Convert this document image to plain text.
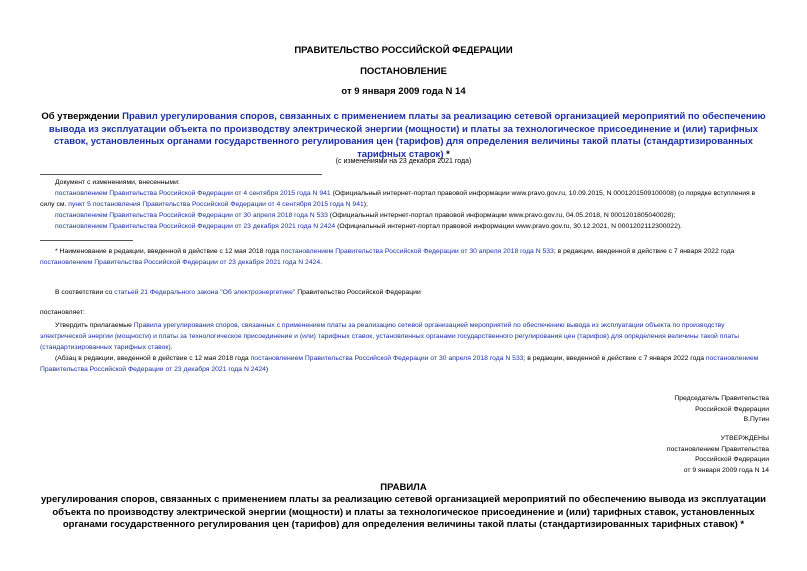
ПРАВИТЕЛЬСТВО РОССИЙСКОЙ ФЕДЕРАЦИИ
ПОСТАНОВЛЕНИЕ
от 9 января 2009 года N 14
Об утверждении Правил урегулирования споров, связанных с применением платы за реализацию сетевой организацией мероприятий по обеспечению вывода из эксплуатации объекта по производству электрической энергии (мощности) и платы за технологическое присоединение и (или) тарифных ставок, установленных органами государственного регулирования цен (тарифов) для определения величины такой платы (стандартизированных тарифных ставок) *
(с изменениями на 23 декабря 2021 года)
Документ с изменениями, внесенными:

постановлением Правительства Российской Федерации от 4 сентября 2015 года N 941 (Официальный интернет-портал правовой информации www.pravo.gov.ru, 10.09.2015, N 0001201509100008) (о порядке вступления в силу см. пункт 5 постановления Правительства Российской Федерации от 4 сентября 2015 года N 941);

постановлением Правительства Российской Федерации от 30 апреля 2018 года N 533 (Официальный интернет-портал правовой информации www.pravo.gov.ru, 04.05.2018, N 0001201805040028);

постановлением Правительства Российской Федерации от 23 декабря 2021 года N 2424 (Официальный интернет-портал правовой информации www.pravo.gov.ru, 30.12.2021, N 0001202112300022).

* Наименование в редакции, введенной в действие с 12 мая 2018 года постановлением Правительства Российской Федерации от 30 апреля 2018 года N 533; в редакции, введенной в действие с 7 января 2022 года постановлением Правительства Российской Федерации от 23 декабря 2021 года N 2424.
В соответствии со статьей 21 Федерального закона "Об электроэнергетике" Правительство Российской Федерации
постановляет:
Утвердить прилагаемые Правила урегулирования споров, связанных с применением платы за реализацию сетевой организацией мероприятий по обеспечению вывода из эксплуатации объекта по производству электрической энергии (мощности) и платы за технологическое присоединение и (или) тарифных ставок, установленных органами государственного регулирования цен (тарифов) для определения величины такой платы (стандартизированных тарифных ставок).
(Абзац в редакции, введенной в действие с 12 мая 2018 года постановлением Правительства Российской Федерации от 30 апреля 2018 года N 533; в редакции, введенной в действие с 7 января 2022 года постановлением Правительства Российской Федерации от 23 декабря 2021 года N 2424)
Председатель Правительства
Российской Федерации
В.Путин
УТВЕРЖДЕНЫ
постановлением Правительства
Российской Федерации
от 9 января 2009 года N 14
ПРАВИЛА
урегулирования споров, связанных с применением платы за реализацию сетевой организацией мероприятий по обеспечению вывода из эксплуатации объекта по производству электрической энергии (мощности) и платы за технологическое присоединение и (или) тарифных ставок, установленных органами государственного регулирования цен (тарифов) для определения величины такой платы (стандартизированных тарифных ставок) *
